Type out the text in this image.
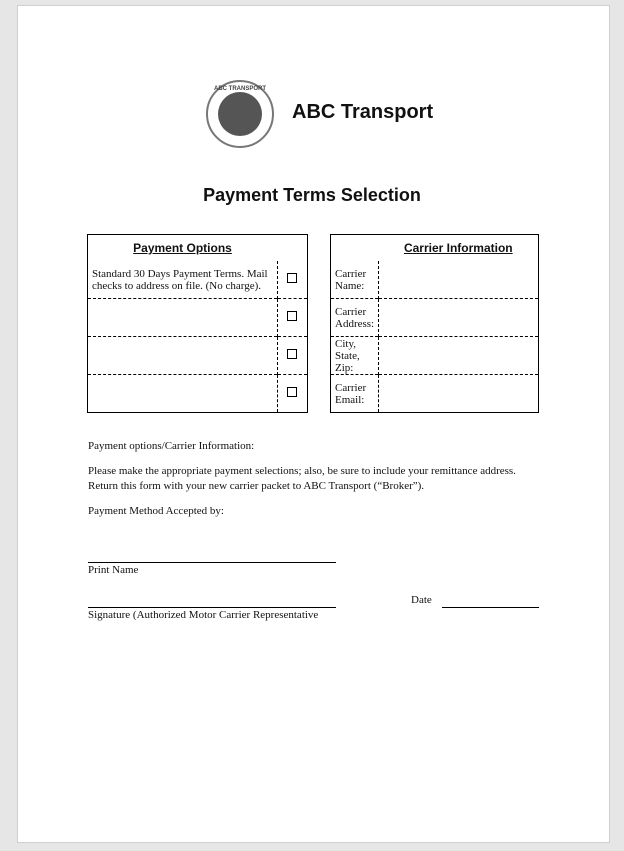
ABC TRANSPORT
ABC Transport
Payment Terms Selection
Payment Options	
Standard 30 Days Payment Terms. Mail checks to address on file. (No charge).	

	Carrier Information
Carrier Name:	
Carrier Address:	
City, State, Zip:	
Carrier Email:	
Payment options/Carrier Information:
Please make the appropriate payment selections; also, be sure to include your remittance address.
Return this form with your new carrier packet to ABC Transport (“Broker”).
Payment Method Accepted by:
Print Name
Signature (Authorized Motor Carrier Representative
Date
